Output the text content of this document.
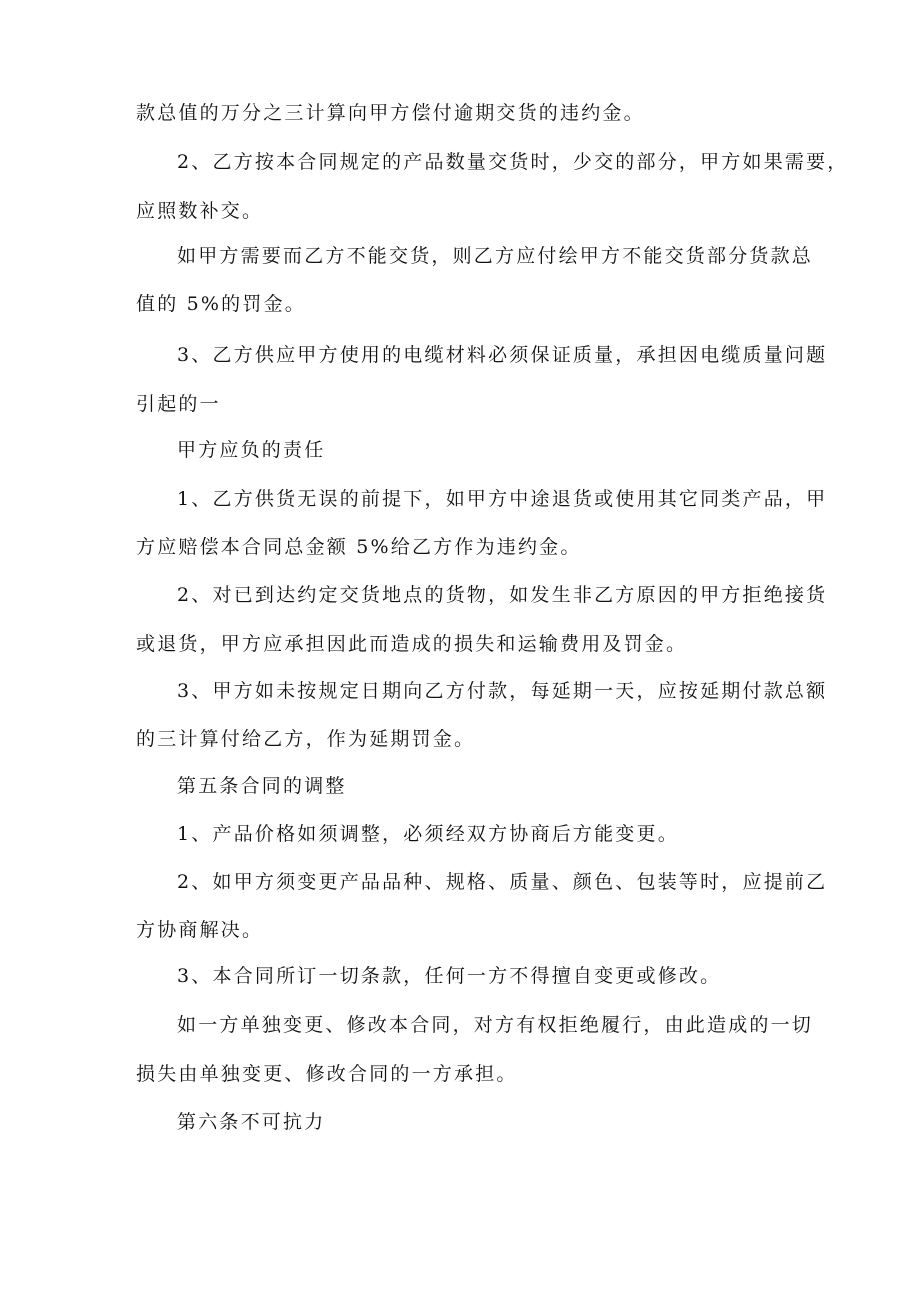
款总值的万分之三计算向甲方偿付逾期交货的违约金。

2、乙方按本合同规定的产品数量交货时，少交的部分，甲方如果需要，

应照数补交。

如甲方需要而乙方不能交货，则乙方应付绘甲方不能交货部分货款总

值的 5%的罚金。

3、乙方供应甲方使用的电缆材料必须保证质量，承担因电缆质量问题

引起的一

甲方应负的责任

1、乙方供货无误的前提下，如甲方中途退货或使用其它同类产品，甲

方应赔偿本合同总金额 5%给乙方作为违约金。

2、对已到达约定交货地点的货物，如发生非乙方原因的甲方拒绝接货

或退货，甲方应承担因此而造成的损失和运输费用及罚金。

3、甲方如未按规定日期向乙方付款，每延期一天，应按延期付款总额

的三计算付给乙方，作为延期罚金。

第五条合同的调整

1、产品价格如须调整，必须经双方协商后方能变更。

2、如甲方须变更产品品种、规格、质量、颜色、包装等时，应提前乙

方协商解决。

3、本合同所订一切条款，任何一方不得擅自变更或修改。

如一方单独变更、修改本合同，对方有权拒绝履行，由此造成的一切

损失由单独变更、修改合同的一方承担。

第六条不可抗力
